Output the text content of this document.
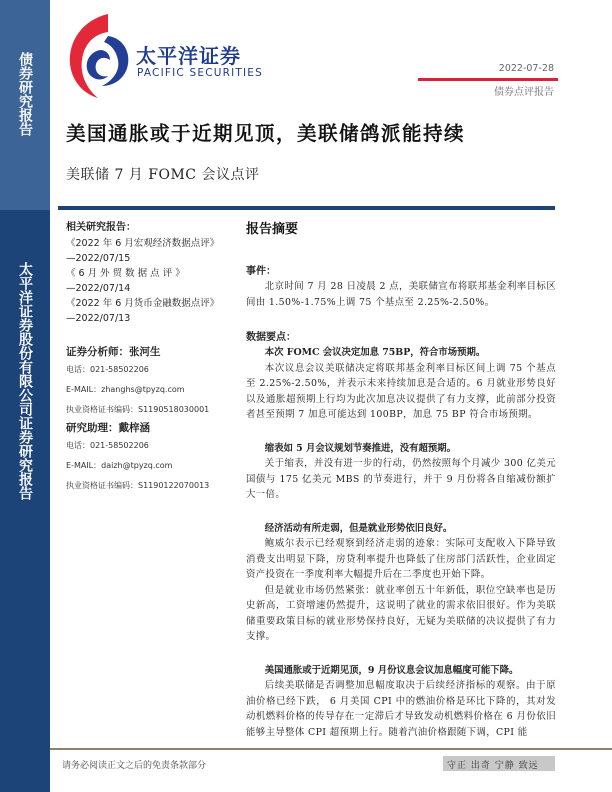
债券研究报告
太平洋证券股份有限公司证券研究报告
太平洋证券
PACIFIC SECURITIES	2022-07-28
债券点评报告
美国通胀或于近期见顶，美联储鸽派能持续
美联储 7 月 FOMC 会议点评
相关研究报告：
《2022 年 6 月宏观经济数据点评》
—2022/07/15
《 6 月 外 贸 数 据 点 评 》
—2022/07/14
《2022 年 6 月货币金融数据点评》
—2022/07/13
证券分析师：张河生
电话：021-58502206
E-MAIL：zhanghs@tpyzq.com
执业资格证书编码：S1190518030001
研究助理：戴梓涵
电话：021-58502206
E-MAIL：daizh@tpyzq.com
执业资格证书编码：S1190122070013
报告摘要
事件：

北京时间 7 月 28 日凌晨 2 点，美联储宣布将联邦基金利率目标区间由 1.50%-1.75%上调 75 个基点至 2.25%-2.50%。

数据要点：
本次 FOMC 会议决定加息 75BP，符合市场预期。

本次议息会议美联储决定将联邦基金利率目标区间上调 75 个基点至 2.25%-2.50%，并表示未来持续加息是合适的。6 月就业形势良好以及通胀超预期上行均为此次加息决议提供了有力支撑，此前部分投资者甚至预期 7 加息可能达到 100BP，加息 75 BP 符合市场预期。

缩表如 5 月会议规划节奏推进，没有超预期。

关于缩表，并没有进一步的行动，仍然按照每个月减少 300 亿美元国债与 175 亿美元 MBS 的节奏进行，并于 9 月份将各自缩减份额扩大一倍。

经济活动有所走弱，但是就业形势依旧良好。

鲍威尔表示已经观察到经济走弱的迹象：实际可支配收入下降导致消费支出明显下降，房贷利率提升也降低了住房部门活跃性，企业固定资产投资在一季度利率大幅提升后在二季度也开始下降。

但是就业市场仍然紧张：就业率创五十年新低，职位空缺率也是历史新高，工资增速仍然提升，这说明了就业的需求依旧很好。作为美联储重要政策目标的就业形势保持良好，无疑为美联储的决议提供了有力支撑。

美国通胀或于近期见顶，9 月份议息会议加息幅度可能下降。

后续美联储是否调整加息幅度取决于后续经济指标的观察。由于原油价格已经下跌， 6 月美国 CPI 中的燃油价格是环比下降的，其对发动机燃料价格的传导存在一定滞后才导致发动机燃料价格在 6 月份依旧能够主导整体 CPI 超预期上行。随着汽油价格跟随下调，CPI 能

请务必阅读正文之后的免责条款部分	守正 出奇 宁静 致远
